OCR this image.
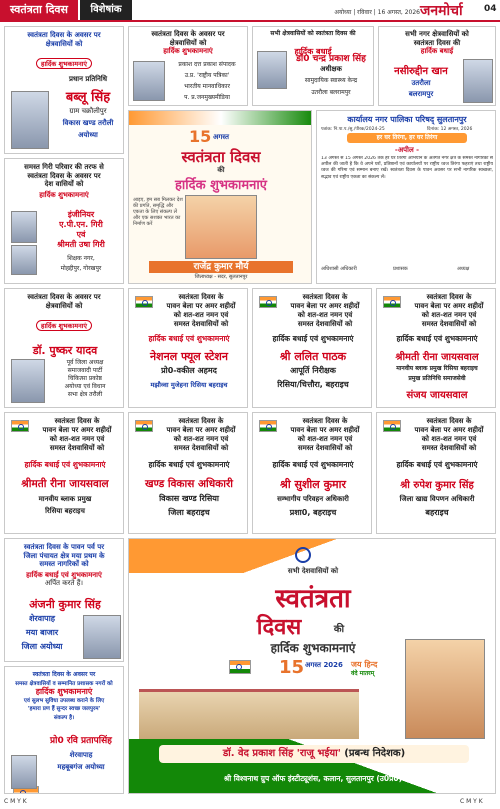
स्वतंत्रता दिवस	विशेषांक	अयोध्या | रविवार | 16 अगस्त, 2026 जनमोर्चा	04
स्वतंत्रता दिवस के अवसर पर
क्षेत्रवासियों को
हार्दिक शुभकामनाएं
प्रधान प्रतिनिधि
बब्लू सिंह
ग्राम चक्रौलीपुर
विकास खण्ड तरौली
अयोध्या
स्वतंत्रता दिवस के अवसर पर
क्षेत्रवासियों को
हार्दिक शुभकामनाएं
प्रकाश दत्त प्रकाश संपादक
उ.प्र. 'राष्ट्रीय पत्रिका'
भारतीय मानवाधिकार
प. प्र.जनमुख्यमीडिया
सभी क्षेत्रवासियों को स्वतंत्रता दिवस की
हार्दिक बधाई
डॉ0 चन्द्र प्रकाश सिंह
अधीक्षक
सामुदायिक स्वास्थ्य केन्द्र
उतरौला बलरामपुर
सभी नगर क्षेत्रवासियों को
स्वतंत्रता दिवस की
हार्दिक बधाई
नसीरुद्दीन खान
उतरौला
बलरामपुर
समस्त गिरी परिवार की तरफ से
स्वतंत्रता दिवस के अवसर पर
देश वासियों को
हार्दिक शुभकामनाएं
इंजीनियर
ए.पी.एन. गिरी
एवं
श्रीमती उषा गिरी
शिक्षक नगर,
मोहद्दीपुर, गोरखपुर
15 अगस्त
स्वतंत्रता दिवस
की
हार्दिक शुभकामनाएं
आइए, हम सब मिलकर देश की प्रगति, समृद्धि और एकता के लिए संकल्प लें और एक सशक्त भारत का निर्माण करें
राजेंद्र कुमार मौर्य
जिलाध्यक्ष - सदर, सुलतानपुर
कार्यालय नगर पालिका परिषद् सुलतानपुर
पत्रांक: नि.पा.प./सु./पीरक/2024-25	दिनांक: 12 अगस्त, 2026
हर घर तिरंगा, हर घर तिरंगा
-अपील -
13 अगस्त से 15 अगस्त 2026 तक हर घर तिरंगा अभियान के अंतर्गत नगर क्षेत्र के समस्त नागरिकों से अपील की जाती है कि वे अपने घरों, प्रतिष्ठानों एवं कार्यालयों पर राष्ट्रीय ध्वज तिरंगा फहराएं तथा राष्ट्रीय ध्वज की गरिमा एवं सम्मान बनाए रखें। स्वतंत्रता दिवस के पावन अवसर पर सभी नागरिक स्वच्छता, सद्भाव एवं राष्ट्रीय एकता का संकल्प लें।
अधिशासी अधिकारी	प्रशासक	अध्यक्ष
स्वतंत्रता दिवस के अवसर पर
क्षेत्रवासियों को
हार्दिक शुभकामनाएं
डॉ. पुष्कर यादव
पूर्व जिला अध्यक्ष
समाजवादी पार्टी
चिकित्सा प्रकोष्ठ
अयोध्या एवं विधान
सभा क्षेत्र तरौली
स्वतंत्रता दिवस के
पावन बेला पर अमर शहीदों
को शत-शत नमन एवं
समस्त देशवासियों को
हार्दिक बधाई एवं शुभकामनाएं
नेशनल फ्यूल स्टेशन
प्रो0-वकील अहमद
मझौव्वा मुजेहना रिसिया बहराइच
स्वतंत्रता दिवस के
पावन बेला पर अमर शहीदों
को शत-शत नमन एवं
समस्त देशवासियों को
हार्दिक बधाई एवं शुभकामनाएं
श्री ललित पाठक
आपूर्ति निरीक्षक
रिसिया/चित्तौरा, बहराइच
स्वतंत्रता दिवस के
पावन बेला पर अमर शहीदों
को शत-शत नमन एवं
समस्त देशवासियों को
हार्दिक बधाई एवं शुभकामनाएं
श्रीमती रीना जायसवाल
मानवीय ब्लाक प्रमुख रिसिया बहराइच
प्रमुख प्रतिनिधि समाजसेवी
संजय जायसवाल
स्वतंत्रता दिवस के
पावन बेला पर अमर शहीदों
को शत-शत नमन एवं
समस्त देशवासियों को
हार्दिक बधाई एवं शुभकामनाएं
श्रीमती रीना जायसवाल
मानवीय ब्लाक प्रमुख
रिसिया बहराइच
स्वतंत्रता दिवस के
पावन बेला पर अमर शहीदों
को शत-शत नमन एवं
समस्त देशवासियों को
हार्दिक बधाई एवं शुभकामनाएं
खण्ड विकास अधिकारी
विकास खण्ड रिसिया
जिला बहराइच
स्वतंत्रता दिवस के
पावन बेला पर अमर शहीदों
को शत-शत नमन एवं
समस्त देशवासियों को
हार्दिक बधाई एवं शुभकामनाएं
श्री सुशील कुमार
सम्भागीय परिवहन अधिकारी
प्रशा0, बहराइच
स्वतंत्रता दिवस के
पावन बेला पर अमर शहीदों
को शत-शत नमन एवं
समस्त देशवासियों को
हार्दिक बधाई एवं शुभकामनाएं
श्री रुपेश कुमार सिंह
जिला खाद्य विपणन अधिकारी
बहराइच
स्वतंत्रता दिवस के पावन पर्व पर
जिला पंचायत क्षेत्र मया प्रथम के
समस्त नागरिकों को
हार्दिक बधाई एवं शुभकामनाएं
अर्पित करते हैं।
अंजनी कुमार सिंह
शेरवापाह
मया बाजार
जिला अयोध्या
स्वतंत्रता दिवस के अवसर पर
समस्त क्षेत्रवासियों व सम्मानित प्रशासक नगरों को
हार्दिक शुभकामनाएं
एवं सुलभ सुविधा उपलब्ध कराने के लिए
'हमारा प्रण हैं सुन्दर स्वच्छ जलपुरम'
संकल्प है।
प्रो0 रवि प्रतापसिंह
शेरवापाह
महबूबगंज अयोध्या
सभी देशवासियों को
स्वतंत्रता
दिवस	की
हार्दिक शुभकामनाएं
15 अगस्त 2026 जय हिन्द
वंदे मातरम्
डॉ. वेद प्रकाश सिंह 'राजू भईया' (प्रबन्ध निदेशक)
श्री विश्वनाथ ग्रुप ऑफ इंस्टीट्यूशंस, कलान, सुलतानपुर (उ0प्र0)
C M Y K	C M Y K
